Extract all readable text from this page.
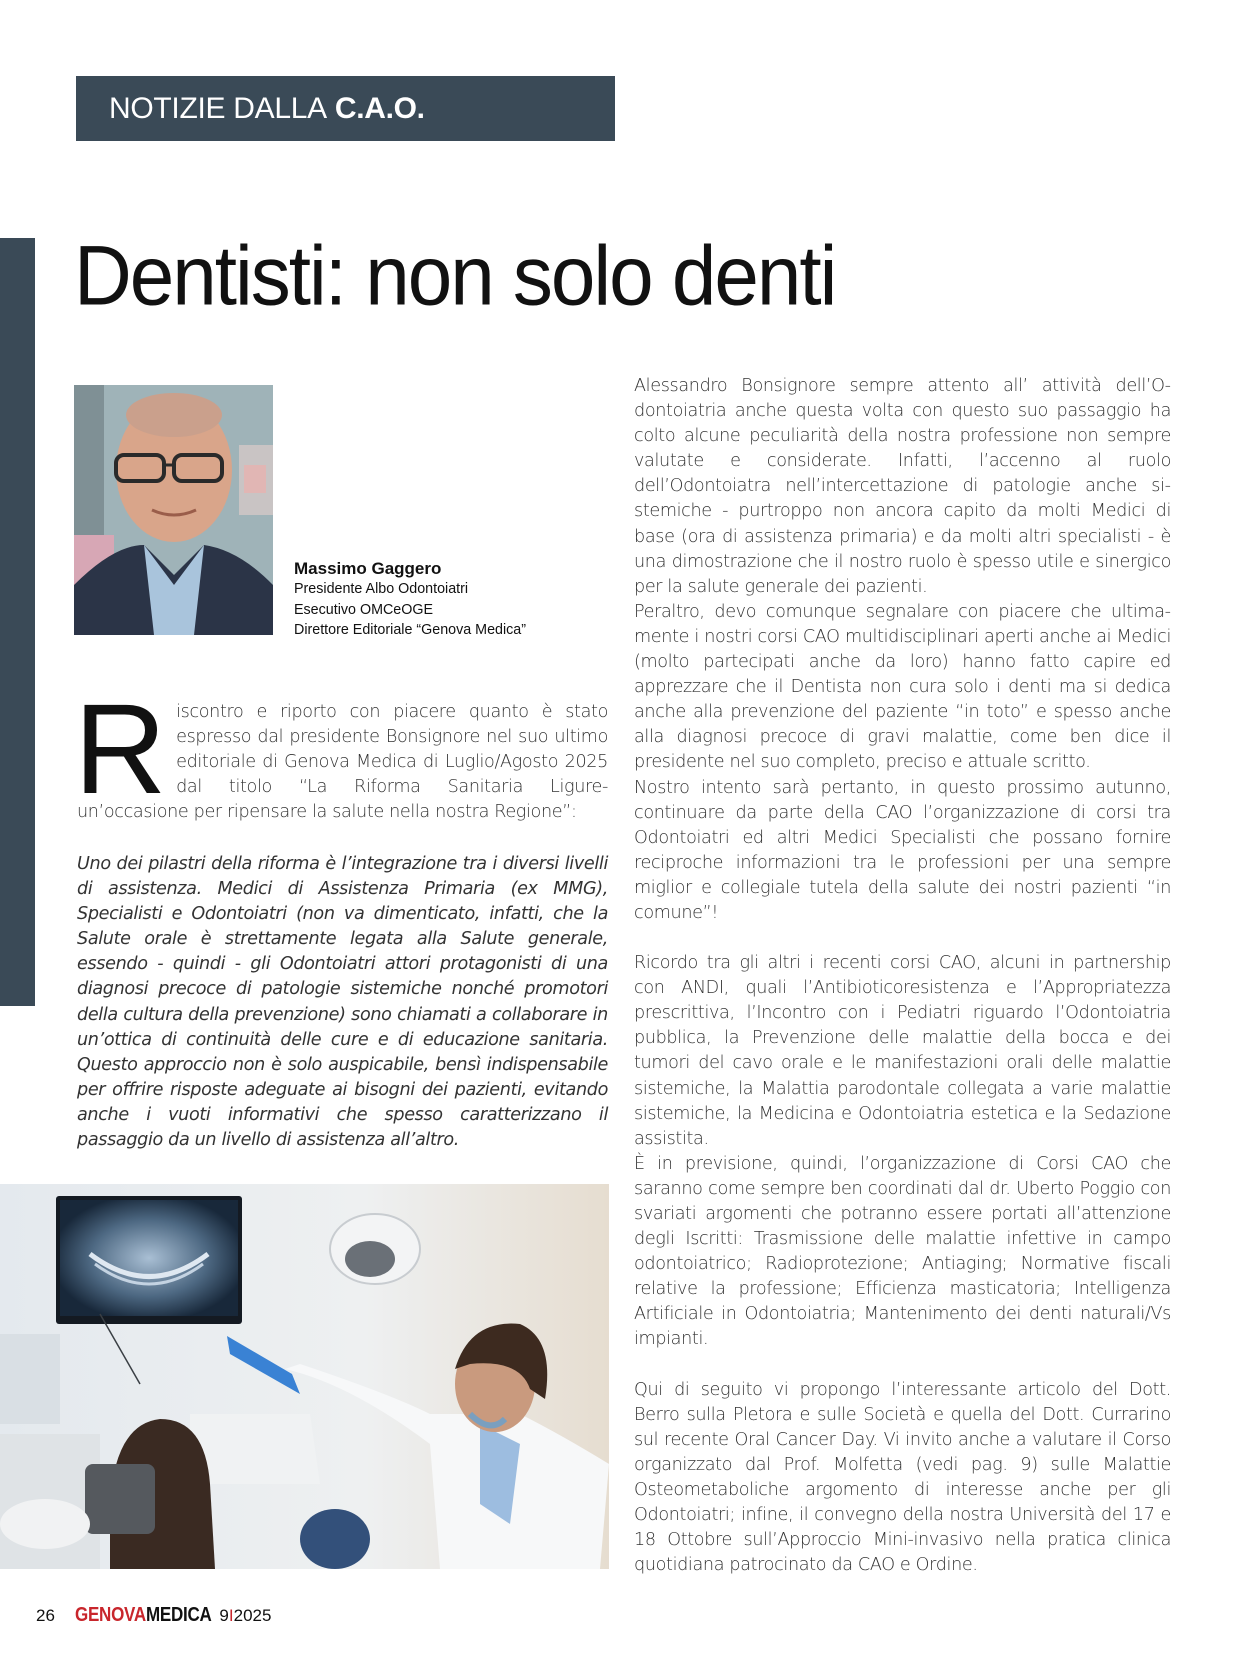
NOTIZIE DALLA C.A.O.
Dentisti: non solo denti
Massimo Gaggero
Presidente Albo Odontoiatri
Esecutivo OMCeOGE
Direttore Editoriale “Genova Medica”
R iscontro e riporto con piacere quanto è stato espresso dal presidente Bonsignore nel suo ultimo editoriale di Genova Medica di Luglio/Agosto 2025 dal titolo “La Riforma Sanitaria Ligure-un’occasione per ripensare la salute nella nostra Regione”:

Uno dei pilastri della riforma è l’integrazione tra i diversi livelli di assistenza. Medici di Assistenza Primaria (ex MMG), Specialisti e Odontoiatri (non va dimenticato, infatti, che la Salute orale è strettamente legata alla Salute generale, essendo - quindi - gli Odontoiatri attori protagonisti di una diagnosi precoce di patologie sistemiche nonché promotori della cultura della prevenzione) sono chiamati a collaborare in un’ottica di continuità delle cure e di educazione sanitaria. Questo approccio non è solo auspicabile, bensì indispensabile per offrire risposte adeguate ai bisogni dei pazienti, evitando anche i vuoti informativi che spesso caratterizzano il passaggio da un livello di assistenza all’altro.

Alessandro Bonsignore sempre attento all’ attività dell’Odontoiatria anche questa volta con questo suo passaggio ha colto alcune peculiarità della nostra professione non sempre valutate e considerate. Infatti, l’accenno al ruolo dell’Odontoiatra nell’intercettazione di patologie anche sistemiche - purtroppo non ancora capito da molti Medici di base (ora di assistenza primaria) e da molti altri specialisti - è una dimostrazione che il nostro ruolo è spesso utile e sinergico per la salute generale dei pazienti.

Peraltro, devo comunque segnalare con piacere che ultimamente i nostri corsi CAO multidisciplinari aperti anche ai Medici (molto partecipati anche da loro) hanno fatto capire ed apprezzare che il Dentista non cura solo i denti ma si dedica anche alla prevenzione del paziente “in toto” e spesso anche alla diagnosi precoce di gravi malattie, come ben dice il presidente nel suo completo, preciso e attuale scritto.

Nostro intento sarà pertanto, in questo prossimo autunno, continuare da parte della CAO l’organizzazione di corsi tra Odontoiatri ed altri Medici Specialisti che possano fornire reciproche informazioni tra le professioni per una sempre miglior e collegiale tutela della salute dei nostri pazienti “in comune”!

Ricordo tra gli altri i recenti corsi CAO, alcuni in partnership con ANDI, quali l’Antibioticoresistenza e l’Appropriatezza prescrittiva, l’Incontro con i Pediatri riguardo l’Odontoiatria pubblica, la Prevenzione delle malattie della bocca e dei tumori del cavo orale e le manifestazioni orali delle malattie sistemiche, la Malattia parodontale collegata a varie malattie sistemiche, la Medicina e Odontoiatria estetica e la Sedazione assistita.

È in previsione, quindi, l’organizzazione di Corsi CAO che saranno come sempre ben coordinati dal dr. Uberto Poggio con svariati argomenti che potranno essere portati all’attenzione degli Iscritti: Trasmissione delle malattie infettive in campo odontoiatrico; Radioprotezione; Antiaging; Normative fiscali relative la professione; Efficienza masticatoria; Intelligenza Artificiale in Odontoiatria; Mantenimento dei denti naturali/Vs impianti.

Qui di seguito vi propongo l’interessante articolo del Dott. Berro sulla Pletora e sulle Società e quella del Dott. Currarino sul recente Oral Cancer Day. Vi invito anche a valutare il Corso organizzato dal Prof. Molfetta (vedi pag. 9) sulle Malattie Osteometaboliche argomento di interesse anche per gli Odontoiatri; infine, il convegno della nostra Università del 17 e 18 Ottobre sull’Approccio Mini-invasivo nella pratica clinica quotidiana patrocinato da CAO e Ordine.

26 GENOVA MEDICA 9I2025
